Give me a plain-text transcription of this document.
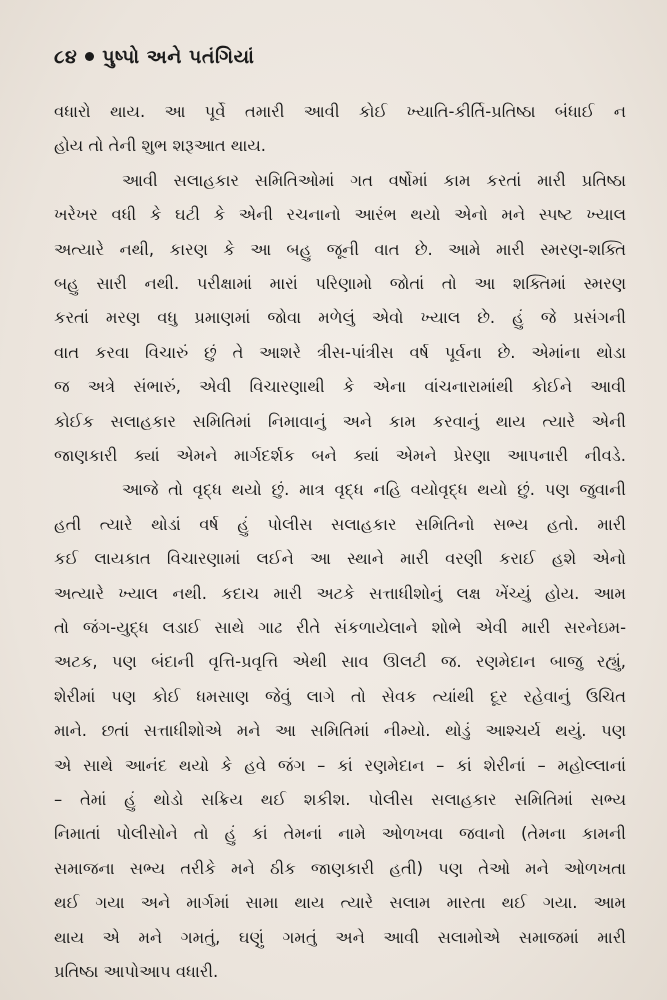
૮૪ પુષ્પો અને પતંગિયાં
વધારો થાય. આ પૂર્વે તમારી આવી કોઈ ખ્યાતિ-કીર્તિ-પ્રતિષ્ઠા બંધાઈ ન
હોય તો તેની શુભ શરૂઆત થાય.
આવી સલાહકાર સમિતિઓમાં ગત વર્ષોમાં કામ કરતાં મારી પ્રતિષ્ઠા
ખરેખર વધી કે ઘટી કે એની રચનાનો આરંભ થયો એનો મને સ્પષ્ટ ખ્યાલ
અત્યારે નથી, કારણ કે આ બહુ જૂની વાત છે. આમે મારી સ્મરણ-શક્તિ
બહુ સારી નથી. પરીક્ષામાં મારાં પરિણામો જોતાં તો આ શક્તિમાં સ્મરણ
કરતાં મરણ વધુ પ્રમાણમાં જોવા મળેલું એવો ખ્યાલ છે. હું જે પ્રસંગની
વાત કરવા વિચારું છું તે આશરે ત્રીસ-પાંત્રીસ વર્ષ પૂર્વના છે. એમાંના થોડા
જ અત્રે સંભારું, એવી વિચારણાથી કે એના વાંચનારામાંથી કોઈને આવી
કોઈક સલાહકાર સમિતિમાં નિમાવાનું અને કામ કરવાનું થાય ત્યારે એની
જાણકારી ક્યાં એમને માર્ગદર્શક બને ક્યાં એમને પ્રેરણા આપનારી નીવડે.
આજે તો વૃદ્ધ થયો છું. માત્ર વૃદ્ધ નહિ વયોવૃદ્ધ થયો છું. પણ જુવાની
હતી ત્યારે થોડાં વર્ષ હું પોલીસ સલાહકાર સમિતિનો સભ્ય હતો. મારી
કઈ લાયકાત વિચારણામાં લઈને આ સ્થાને મારી વરણી કરાઈ હશે એનો
અત્યારે ખ્યાલ નથી. કદાચ મારી અટકે સત્તાધીશોનું લક્ષ ખેંચ્યું હોય. આમ
તો જંગ-યુદ્ધ લડાઈ સાથે ગાઢ રીતે સંકળાયેલાને શોભે એવી મારી સરનેઇમ-
અટક, પણ બંદાની વૃત્તિ-પ્રવૃત્તિ એથી સાવ ઊલટી જ. રણમેદાન બાજુ રહ્યું,
શેરીમાં પણ કોઈ ધમસાણ જેવું લાગે તો સેવક ત્યાંથી દૂર રહેવાનું ઉચિત
માને. છતાં સત્તાધીશોએ મને આ સમિતિમાં નીમ્યો. થોડું આશ્ચર્ય થયું. પણ
એ સાથે આનંદ થયો કે હવે જંગ – કાં રણમેદાન – કાં શેરીનાં – મહોલ્લાનાં
– તેમાં હું થોડો સક્રિય થઈ શકીશ. પોલીસ સલાહકાર સમિતિમાં સભ્ય
નિમાતાં પોલીસોને તો હું કાં તેમનાં નામે ઓળખવા જવાનો (તેમના કામની
સમાજના સભ્ય તરીકે મને ઠીક જાણકારી હતી) પણ તેઓ મને ઓળખતા
થઈ ગયા અને માર્ગમાં સામા થાય ત્યારે સલામ મારતા થઈ ગયા. આમ
થાય એ મને ગમતું, ઘણું ગમતું અને આવી સલામોએ સમાજમાં મારી
પ્રતિષ્ઠા આપોઆપ વધારી.
